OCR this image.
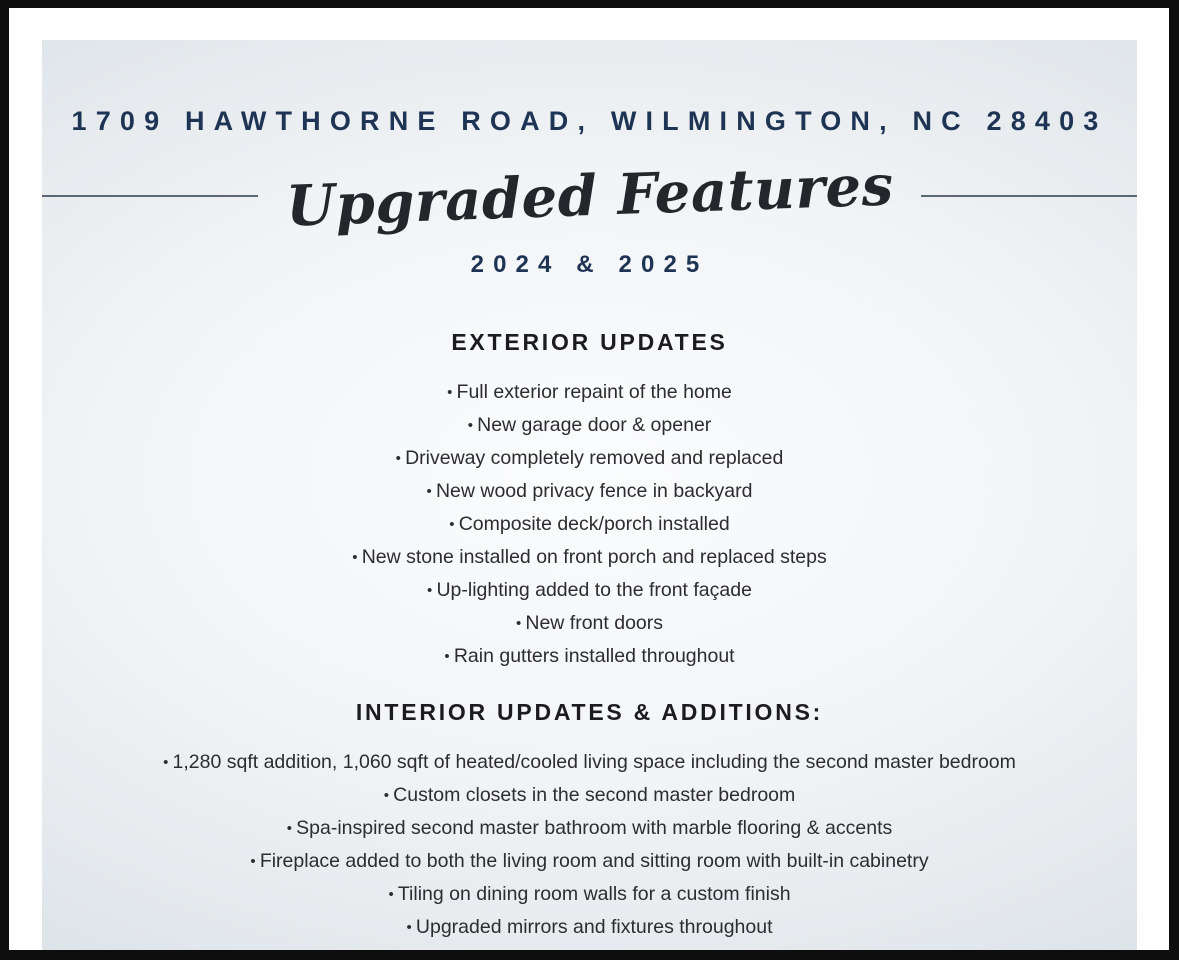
1709 HAWTHORNE ROAD, WILMINGTON, NC 28403
Upgraded Features
2024 & 2025
EXTERIOR UPDATES
• Full exterior repaint of the home
• New garage door & opener
• Driveway completely removed and replaced
• New wood privacy fence in backyard
• Composite deck/porch installed
• New stone installed on front porch and replaced steps
• Up-lighting added to the front façade
• New front doors
• Rain gutters installed throughout
INTERIOR UPDATES & ADDITIONS:
• 1,280 sqft addition, 1,060 sqft of heated/cooled living space including the second master bedroom
• Custom closets in the second master bedroom
• Spa-inspired second master bathroom with marble flooring & accents
• Fireplace added to both the living room and sitting room with built-in cabinetry
• Tiling on dining room walls for a custom finish
• Upgraded mirrors and fixtures throughout
